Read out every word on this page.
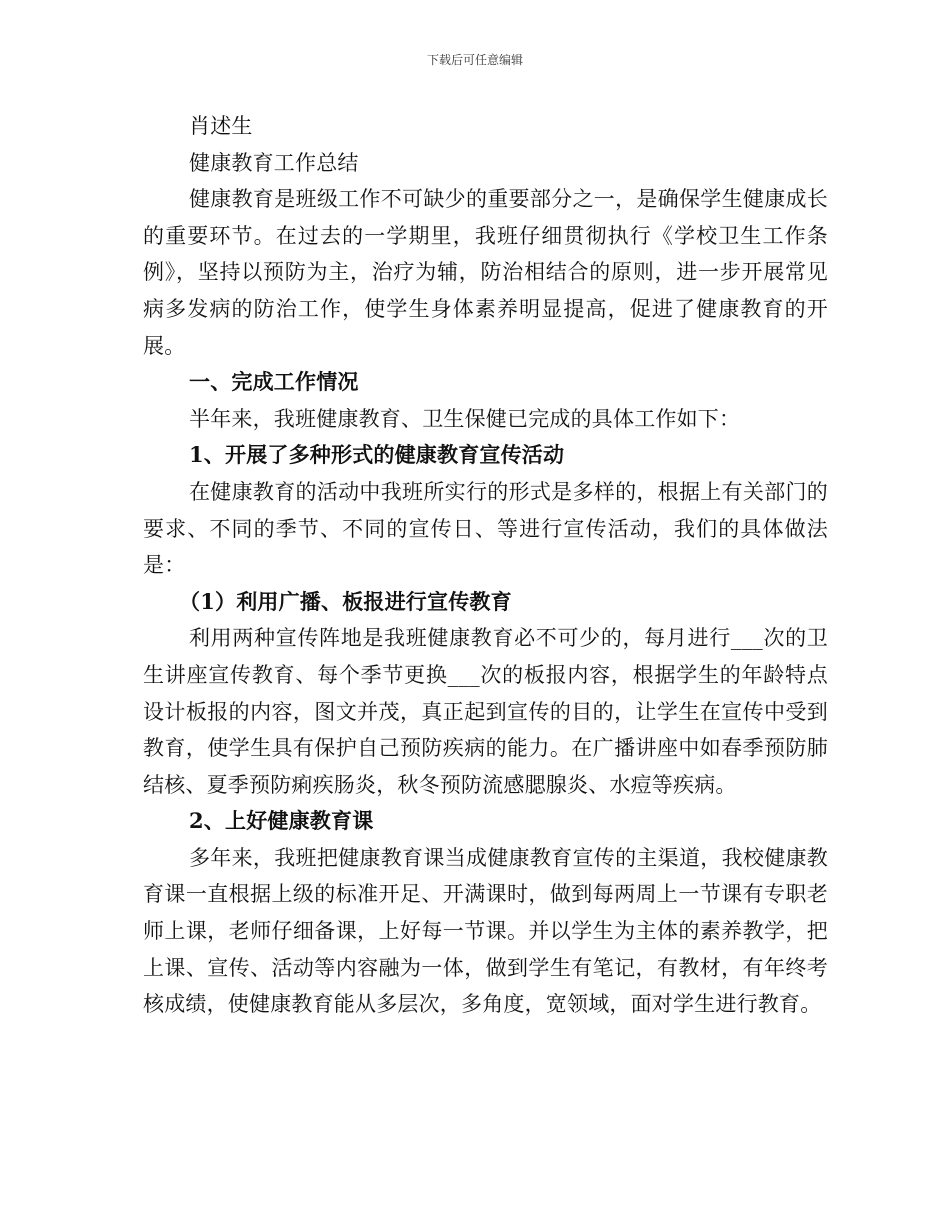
下载后可任意编辑

肖述生

健康教育工作总结

健康教育是班级工作不可缺少的重要部分之一，是确保学生健康成长的重要环节。在过去的一学期里，我班仔细贯彻执行《学校卫生工作条例》，坚持以预防为主，治疗为辅，防治相结合的原则，进一步开展常见病多发病的防治工作，使学生身体素养明显提高，促进了健康教育的开展。

一、完成工作情况

半年来，我班健康教育、卫生保健已完成的具体工作如下：

1、开展了多种形式的健康教育宣传活动

在健康教育的活动中我班所实行的形式是多样的，根据上有关部门的要求、不同的季节、不同的宣传日、等进行宣传活动，我们的具体做法是：

（1）利用广播、板报进行宣传教育

利用两种宣传阵地是我班健康教育必不可少的，每月进行___次的卫生讲座宣传教育、每个季节更换___次的板报内容，根据学生的年龄特点设计板报的内容，图文并茂，真正起到宣传的目的，让学生在宣传中受到教育，使学生具有保护自己预防疾病的能力。在广播讲座中如春季预防肺结核、夏季预防痢疾肠炎，秋冬预防流感腮腺炎、水痘等疾病。

2、上好健康教育课

多年来，我班把健康教育课当成健康教育宣传的主渠道，我校健康教育课一直根据上级的标准开足、开满课时，做到每两周上一节课有专职老师上课，老师仔细备课，上好每一节课。并以学生为主体的素养教学，把上课、宣传、活动等内容融为一体，做到学生有笔记，有教材，有年终考核成绩，使健康教育能从多层次，多角度，宽领域，面对学生进行教育。
